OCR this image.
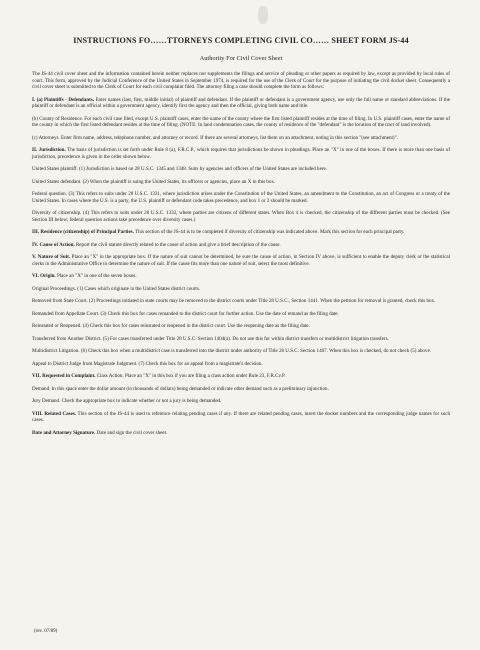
INSTRUCTIONS FO……TTORNEYS COMPLETING CIVIL CO…… SHEET FORM JS-44
Authority For Civil Cover Sheet
The JS-44 civil cover sheet and the information contained herein neither replaces nor supplements the filings and service of pleading or other papers as required by law, except as provided by local rules of court. This form, approved by the Judicial Conference of the United States in September 1974, is required for the use of the Clerk of Court for the purpose of initiating the civil docket sheet. Consequently a civil cover sheet is submitted to the Clerk of Court for each civil complaint filed. The attorney filing a case should complete the form as follows:
I. (a) Plaintiffs - Defendants. Enter names (last, first, middle initial) of plaintiff and defendant. If the plaintiff or defendant is a government agency, use only the full name or standard abbreviations. If the plaintiff or defendant is an official within a government agency, identify first the agency and then the official, giving both name and title.
(b) County of Residence. For each civil case filed, except U.S. plaintiff cases, enter the name of the county where the first listed plaintiff resides at the time of filing. In U.S. plaintiff cases, enter the name of the county in which the first listed defendant resides at the time of filing. (NOTE: In land condemnation cases, the county of residence of the "defendant" is the location of the tract of land involved).
(c) Attorneys. Enter firm name, address, telephone number, and attorney or record. If there are several attorneys, list them on an attachment, noting in this section "(see attachment)".
II. Jurisdiction. The basis of jurisdiction is set forth under Rule 8 (a), F.R.C.P., which requires that jurisdictions be shown in pleadings. Place an "X" in one of the boxes. If there is more than one basis of jurisdiction, precedence is given in the order shown below.
United States plaintiff. (1) Jurisdiction is based on 28 U.S.C. 1345 and 1348. Suits by agencies and officers of the United States are included here.
United States defendant. (2) When the plaintiff is suing the United States, its officers or agencies, place an X in this box.
Federal question. (3) This refers to suits under 28 U.S.C. 1331, where jurisdiction arises under the Constitution of the United States, an amendment to the Constitution, an act of Congress or a treaty of the United States. In cases where the U.S. is a party, the U.S. plaintiff or defendant code takes precedence, and box 1 or 2 should be marked.
Diversity of citizenship. (4) This refers to suits under 28 U.S.C. 1332, where parties are citizens of different states. When Box 4 is checked, the citizenship of the different parties must be checked. (See Section III below; federal question actions take precedence over diversity cases.)
III. Residence (citizenship) of Principal Parties. This section of the JS-44 is to be completed if diversity of citizenship was indicated above. Mark this section for each principal party.
IV. Cause of Action. Report the civil statute directly related to the cause of action and give a brief description of the cause.
V. Nature of Suit. Place an "X" in the appropriate box. If the nature of suit cannot be determined, be sure the cause of action, in Section IV above, is sufficient to enable the deputy clerk or the statistical clerks in the Administrative Office to determine the nature of suit. If the cause fits more than one nature of suit, select the most definitive.
VI. Origin. Place an "X" in one of the seven boxes.
Original Proceedings. (1) Cases which originate in the United States district courts.
Removed from State Court. (2) Proceedings initiated in state courts may be removed to the district courts under Title 28 U.S.C., Section 1441. When the petition for removal is granted, check this box.
Remanded from Appellate Court. (3) Check this box for cases remanded to the district court for further action. Use the date of remand as the filing date.
Reinstated or Reopened. (4) Check this box for cases reinstated or reopened in the district court. Use the reopening date as the filing date.
Transferred from Another District. (5) For cases transferred under Title 28 U.S.C. Section 1404(a). Do not use this for within district transfers or multidistrict litigation transfers.
Multidistrict Litigation. (6) Check this box when a multidistrict case is transferred into the district under authority of Title 28 U.S.C. Section 1407. When this box is checked, do not check (5) above.
Appeal to District Judge from Magistrate Judgment. (7) Check this box for an appeal from a magistrate's decision.
VII. Requested in Complaint. Class Action. Place an "X" in this box if you are filing a class action under Rule 23, F.R.Cv.P.
Demand. In this space enter the dollar amount (in thousands of dollars) being demanded or indicate other demand such as a preliminary injunction.
Jury Demand. Check the appropriate box to indicate whether or not a jury is being demanded.
VIII. Related Cases. This section of the JS-44 is used to reference relating pending cases if any. If there are related pending cases, insert the docket numbers and the corresponding judge names for such cases.
Date and Attorney Signature. Date and sign the civil cover sheet.
(rev. 07/89)
